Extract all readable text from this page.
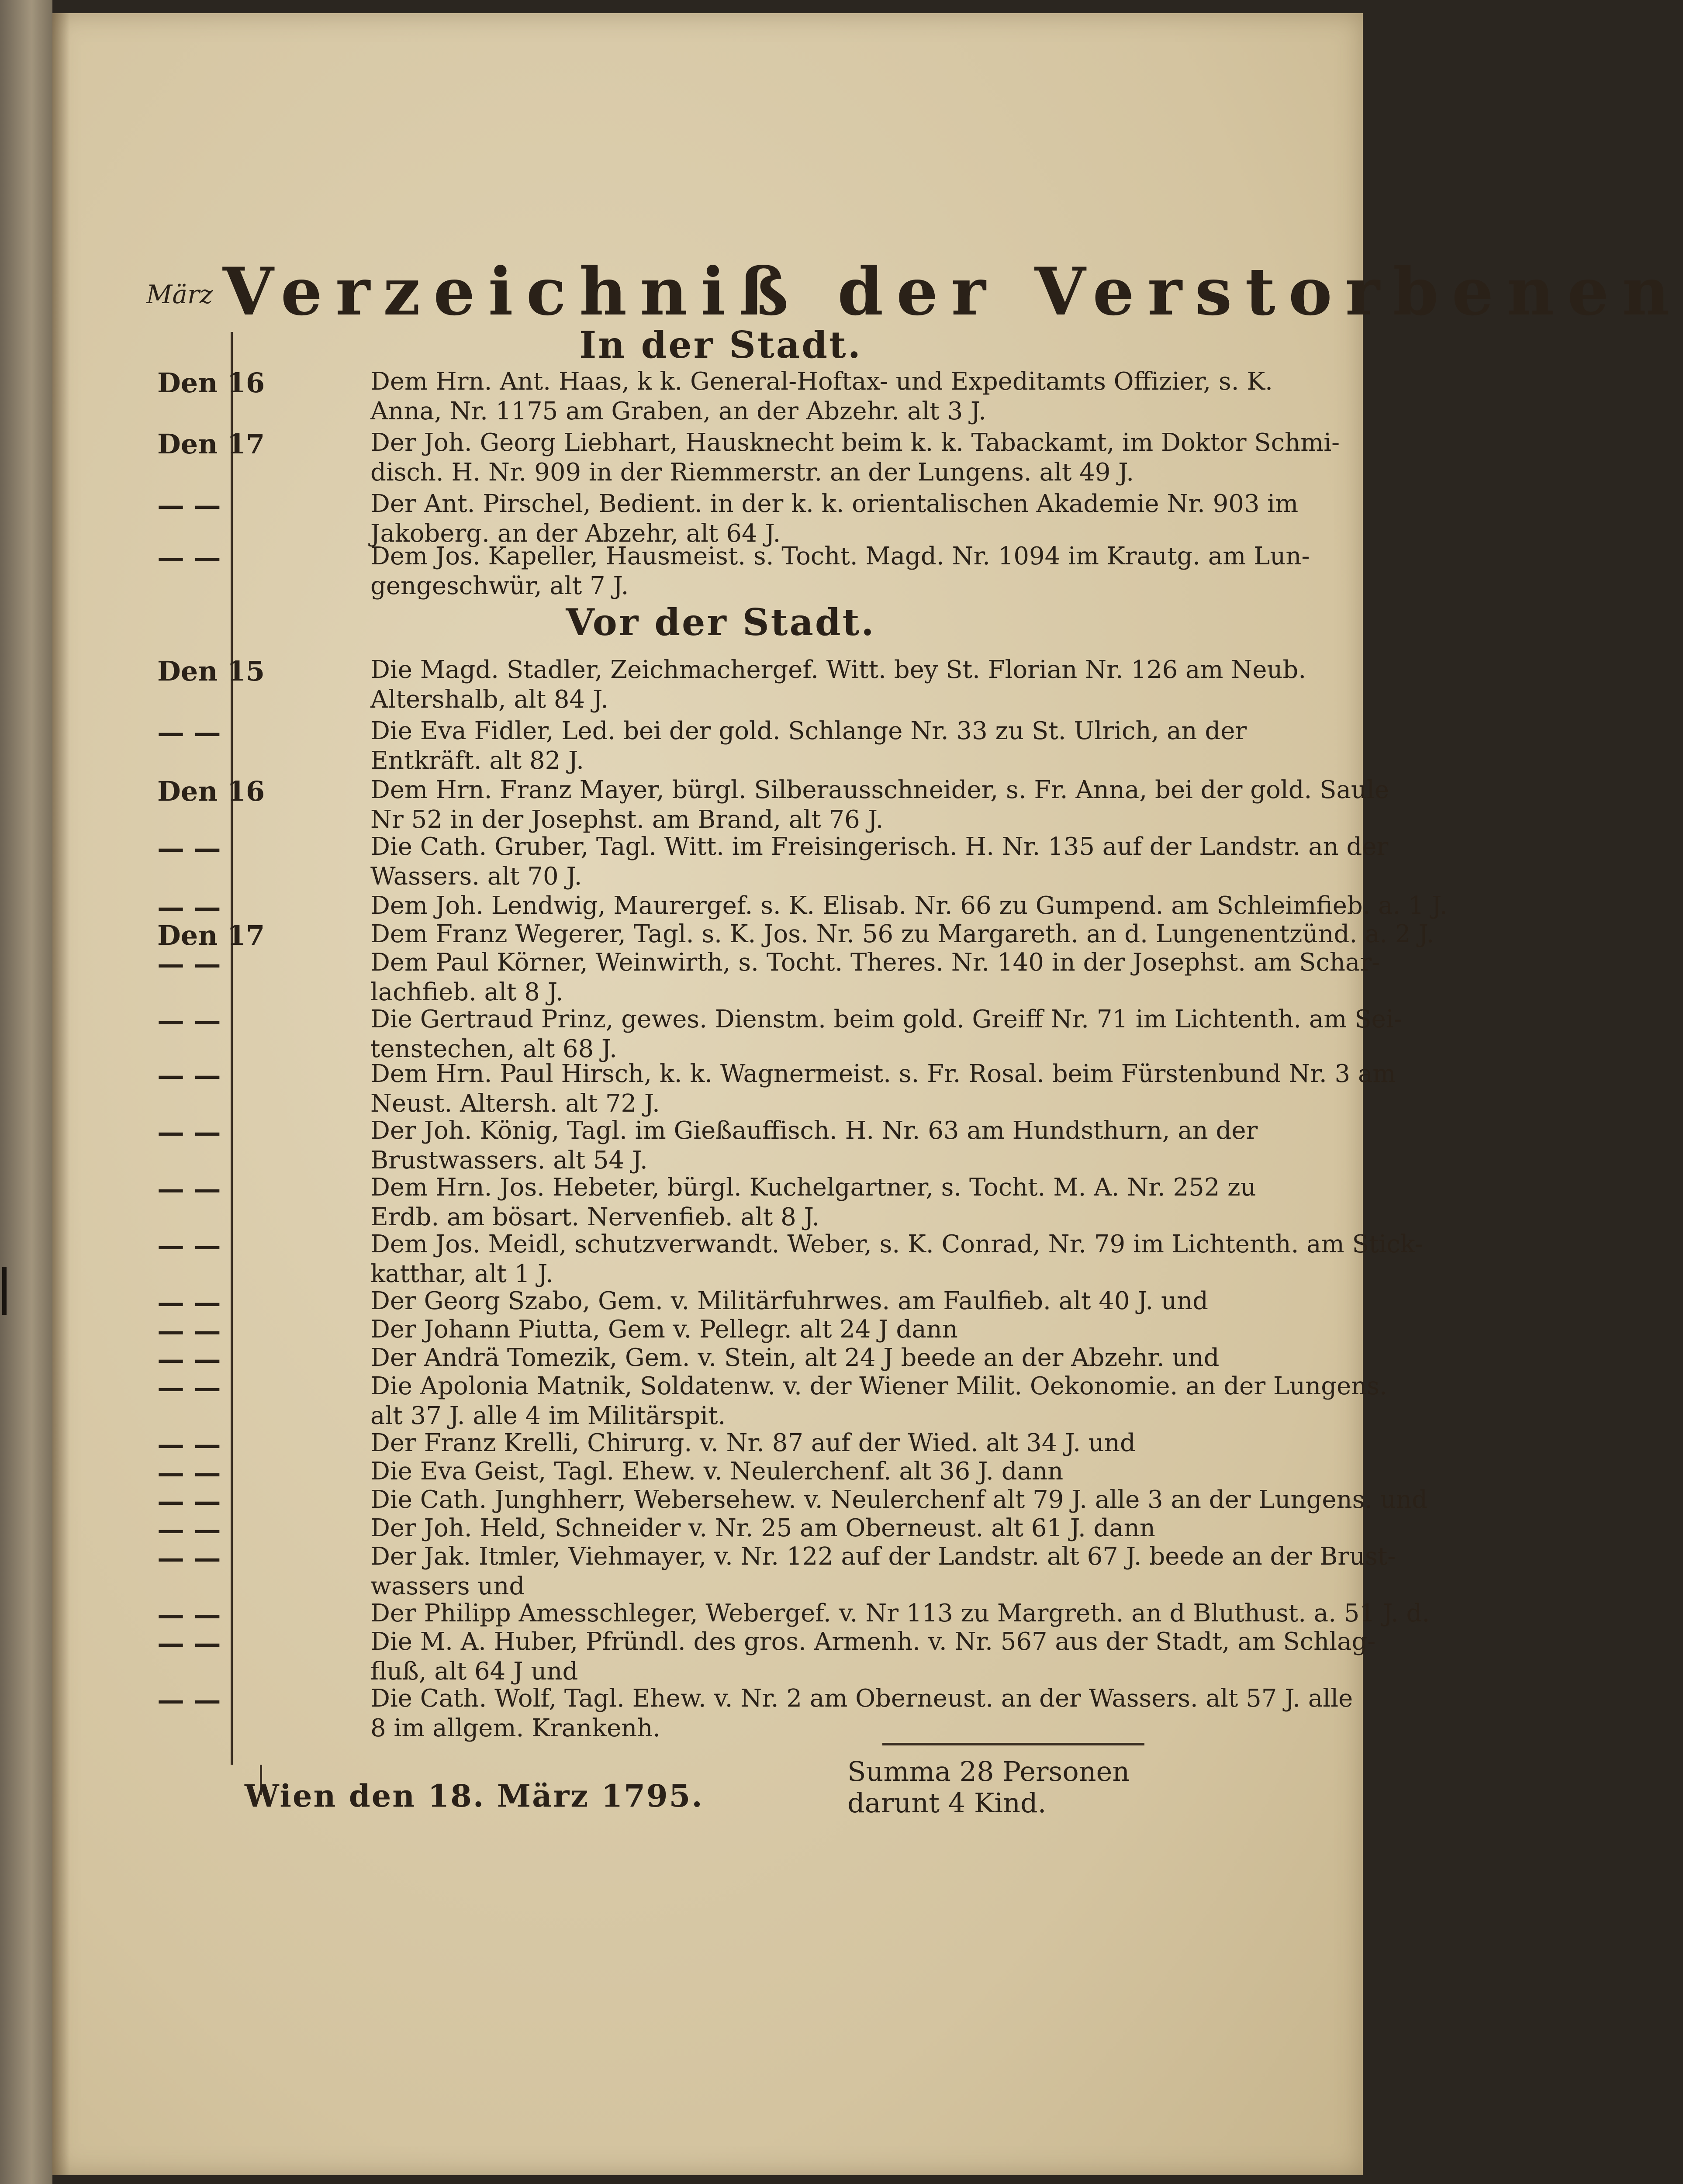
März Verzeichniß der Verstorbenen
In der Stadt.
Den 16	Dem Hrn. Ant. Haas, k k. General-Hoftax- und Expeditamts Offizier, s. K.
Anna, Nr. 1175 am Graben, an der Abzehr. alt 3 J.
Den 17	Der Joh. Georg Liebhart, Hausknecht beim k. k. Tabackamt, im Doktor Schmi-
disch. H. Nr. 909 in der Riemmerstr. an der Lungens. alt 49 J.
— —	Der Ant. Pirschel, Bedient. in der k. k. orientalischen Akademie Nr. 903 im
Jakoberg. an der Abzehr, alt 64 J.
— —	Dem Jos. Kapeller, Hausmeist. s. Tocht. Magd. Nr. 1094 im Krautg. am Lun-
gengeschwür, alt 7 J.
Vor der Stadt.
Den 15	Die Magd. Stadler, Zeichmachergef. Witt. bey St. Florian Nr. 126 am Neub.
Altershalb, alt 84 J.
— —	Die Eva Fidler, Led. bei der gold. Schlange Nr. 33 zu St. Ulrich, an der
Entkräft. alt 82 J.
Den 16	Dem Hrn. Franz Mayer, bürgl. Silberausschneider, s. Fr. Anna, bei der gold. Saule
Nr 52 in der Josephst. am Brand, alt 76 J.
— —	Die Cath. Gruber, Tagl. Witt. im Freisingerisch. H. Nr. 135 auf der Landstr. an der
Wassers. alt 70 J.
— —	Dem Joh. Lendwig, Maurergef. s. K. Elisab. Nr. 66 zu Gumpend. am Schleimfieb. a. 1 J.
Den 17	Dem Franz Wegerer, Tagl. s. K. Jos. Nr. 56 zu Margareth. an d. Lungenentzünd. a. 2 J.
— —	Dem Paul Körner, Weinwirth, s. Tocht. Theres. Nr. 140 in der Josephst. am Schar-
lachfieb. alt 8 J.
— —	Die Gertraud Prinz, gewes. Dienstm. beim gold. Greiff Nr. 71 im Lichtenth. am Sei-
tenstechen, alt 68 J.
— —	Dem Hrn. Paul Hirsch, k. k. Wagnermeist. s. Fr. Rosal. beim Fürstenbund Nr. 3 am
Neust. Altersh. alt 72 J.
— —	Der Joh. König, Tagl. im Gießauffisch. H. Nr. 63 am Hundsthurn, an der
Brustwassers. alt 54 J.
— —	Dem Hrn. Jos. Hebeter, bürgl. Kuchelgartner, s. Tocht. M. A. Nr. 252 zu
Erdb. am bösart. Nervenfieb. alt 8 J.
— —	Dem Jos. Meidl, schutzverwandt. Weber, s. K. Conrad, Nr. 79 im Lichtenth. am Stick-
katthar, alt 1 J.
— —	Der Georg Szabo, Gem. v. Militärfuhrwes. am Faulfieb. alt 40 J. und
— —	Der Johann Piutta, Gem v. Pellegr. alt 24 J dann
— —	Der Andrä Tomezik, Gem. v. Stein, alt 24 J beede an der Abzehr. und
— —	Die Apolonia Matnik, Soldatenw. v. der Wiener Milit. Oekonomie. an der Lungens.
alt 37 J. alle 4 im Militärspit.
— —	Der Franz Krelli, Chirurg. v. Nr. 87 auf der Wied. alt 34 J. und
— —	Die Eva Geist, Tagl. Ehew. v. Neulerchenf. alt 36 J. dann
— —	Die Cath. Junghherr, Webersehew. v. Neulerchenf alt 79 J. alle 3 an der Lungens. und
— —	Der Joh. Held, Schneider v. Nr. 25 am Oberneust. alt 61 J. dann
— —	Der Jak. Itmler, Viehmayer, v. Nr. 122 auf der Landstr. alt 67 J. beede an der Brust-
wassers und
— —	Der Philipp Amesschleger, Webergef. v. Nr 113 zu Margreth. an d Bluthust. a. 51 J. d.
— —	Die M. A. Huber, Pfründl. des gros. Armenh. v. Nr. 567 aus der Stadt, am Schlag-
fluß, alt 64 J und
— —	Die Cath. Wolf, Tagl. Ehew. v. Nr. 2 am Oberneust. an der Wassers. alt 57 J. alle
8 im allgem. Krankenh.
Wien den 18. März 1795.
Summa 28 Personen
darunt 4 Kind.
